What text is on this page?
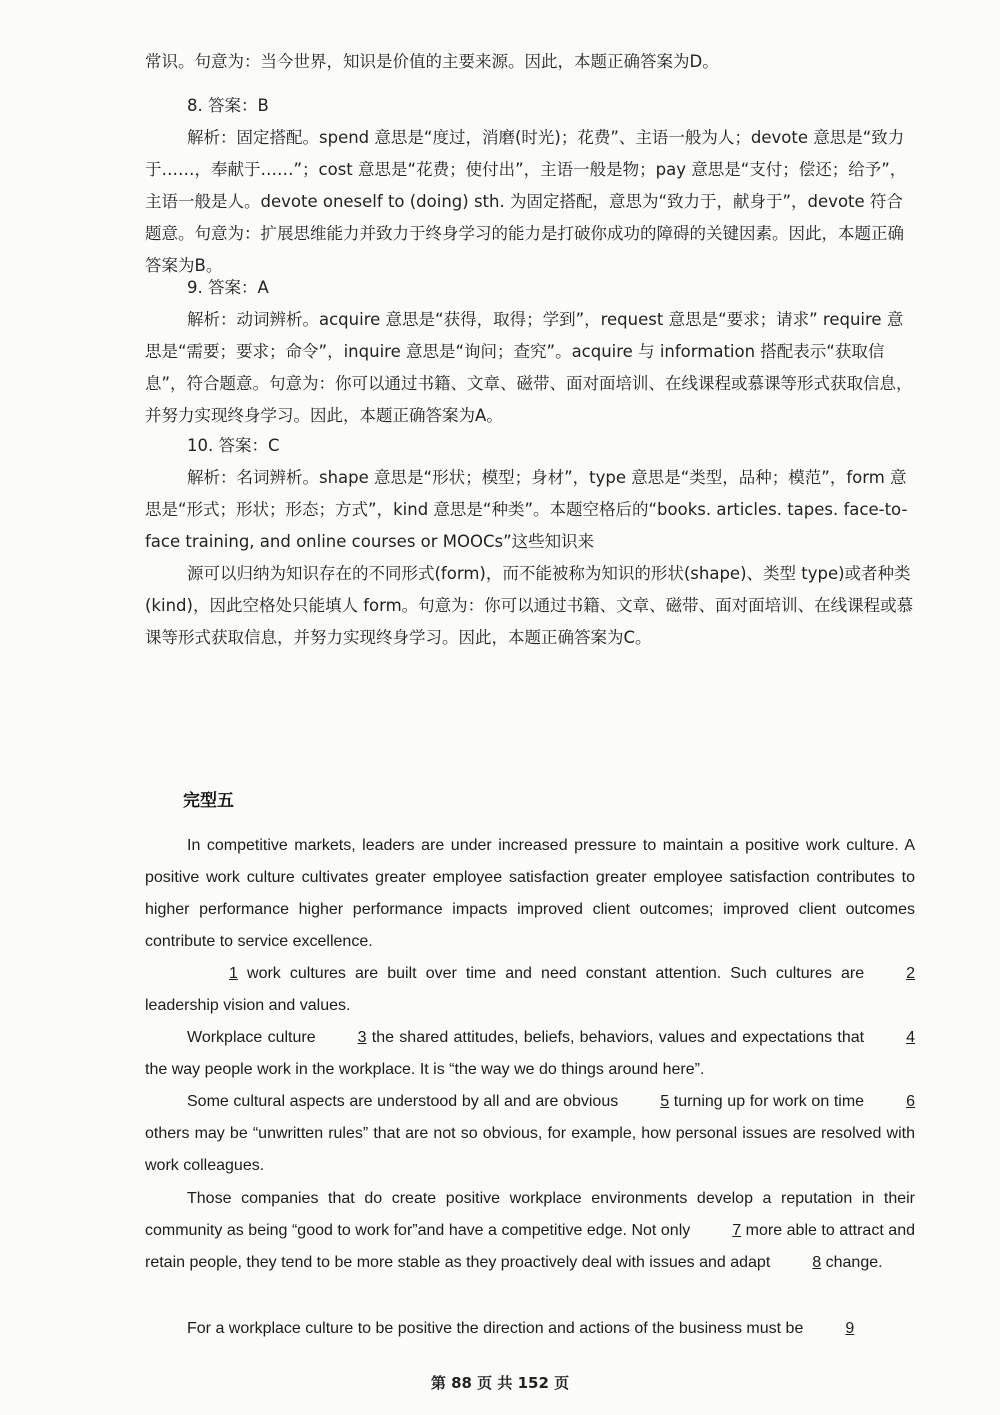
常识。句意为：当今世界，知识是价值的主要来源。因此，本题正确答案为D。

8. 答案：B
解析：固定搭配。spend 意思是“度过，消磨(时光)；花费”、主语一般为人；devote 意思是“致力于……，奉献于……”；cost 意思是“花费；使付出”，主语一般是物；pay 意思是“支付；偿还；给予”，主语一般是人。devote oneself to (doing) sth. 为固定搭配，意思为“致力于，献身于”，devote 符合题意。句意为：扩展思维能力并致力于终身学习的能力是打破你成功的障碍的关键因素。因此，本题正确答案为B。

9. 答案：A
解析：动词辨析。acquire 意思是“获得，取得；学到”，request 意思是“要求；请求” require 意思是“需要；要求；命令”，inquire 意思是“询问；查究”。acquire 与 information 搭配表示“获取信息”，符合题意。句意为：你可以通过书籍、文章、磁带、面对面培训、在线课程或慕课等形式获取信息，并努力实现终身学习。因此，本题正确答案为A。

10. 答案：C
解析：名词辨析。shape 意思是“形状；模型；身材”，type 意思是“类型，品种；模范”，form 意思是“形式；形状；形态；方式”，kind 意思是“种类”。本题空格后的“books. articles. tapes. face-to-face training, and online courses or MOOCs”这些知识来
源可以归纳为知识存在的不同形式(form)，而不能被称为知识的形状(shape)、类型 type)或者种类(kind)，因此空格处只能填人 form。句意为：你可以通过书籍、文章、磁带、面对面培训、在线课程或慕课等形式获取信息，并努力实现终身学习。因此，本题正确答案为C。

完型五

In competitive markets, leaders are under increased pressure to maintain a positive work culture. A positive work culture cultivates greater employee satisfaction greater employee satisfaction contributes to higher performance higher performance impacts improved client outcomes; improved client outcomes contribute to service excellence.

1 work cultures are built over time and need constant attention. Such cultures are	2 leadership vision and values.

Workplace culture	3 the shared attitudes, beliefs, behaviors, values and expectations that	4 the way people work in the workplace. It is “the way we do things around here”.

Some cultural aspects are understood by all and are obvious	5 turning up for work on time	6 others may be “unwritten rules” that are not so obvious, for example, how personal issues are resolved with work colleagues.

Those companies that do create positive workplace environments develop a reputation in their community as being “good to work for”and have a competitive edge. Not only	7 more able to attract and retain people, they tend to be more stable as they proactively deal with issues and adapt	8 change.

For a workplace culture to be positive the direction and actions of the business must be	9

第 88 页 共 152 页
